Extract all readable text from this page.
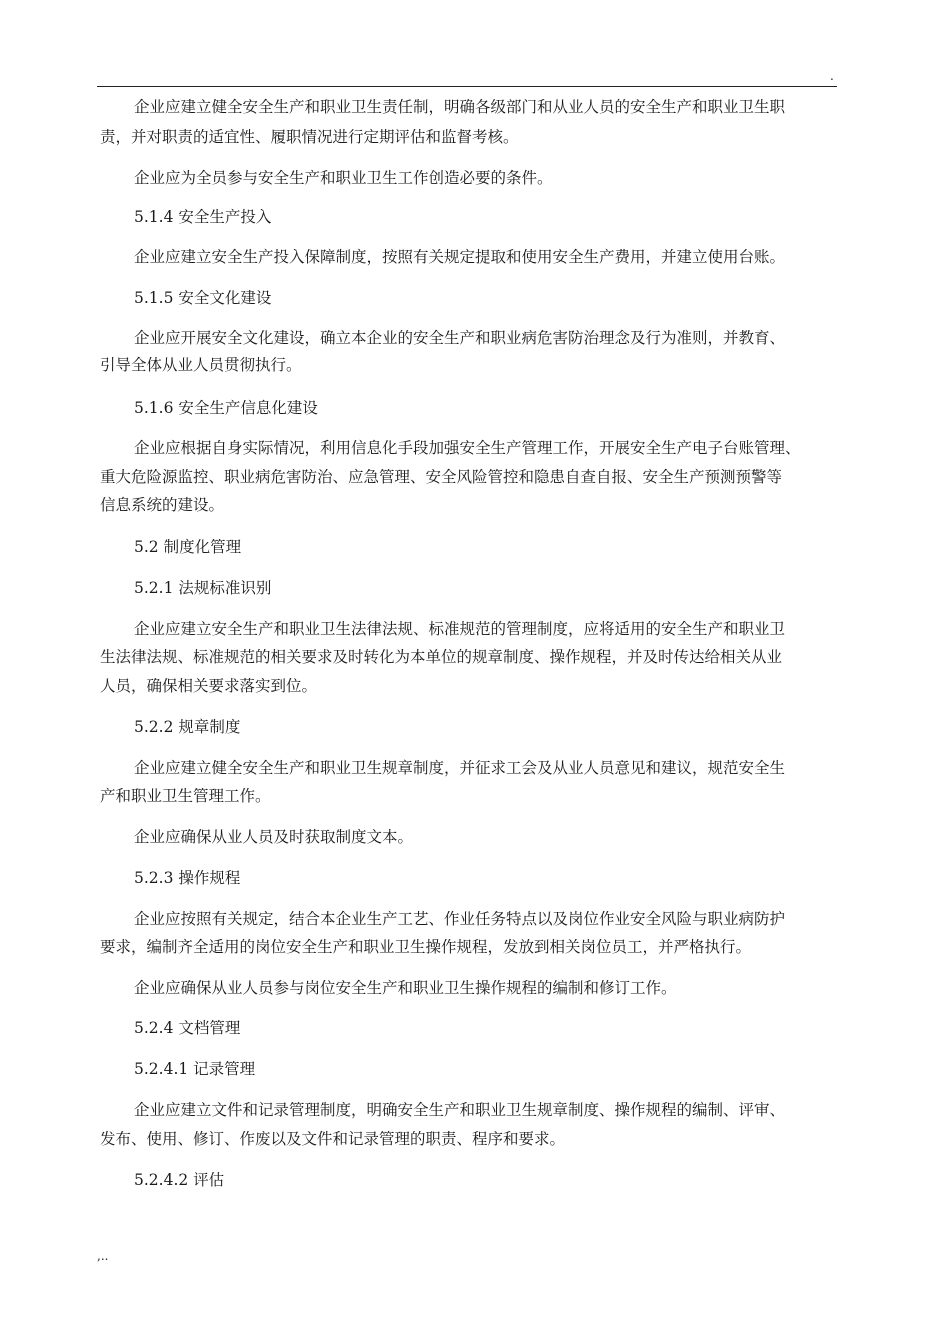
.
企业应建立健全安全生产和职业卫生责任制，明确各级部门和从业人员的安全生产和职业卫生职
责，并对职责的适宜性、履职情况进行定期评估和监督考核。
企业应为全员参与安全生产和职业卫生工作创造必要的条件。
5.1.4 安全生产投入
企业应建立安全生产投入保障制度，按照有关规定提取和使用安全生产费用，并建立使用台账。
5.1.5 安全文化建设
企业应开展安全文化建设，确立本企业的安全生产和职业病危害防治理念及行为准则，并教育、
引导全体从业人员贯彻执行。
5.1.6 安全生产信息化建设
企业应根据自身实际情况，利用信息化手段加强安全生产管理工作，开展安全生产电子台账管理、
重大危险源监控、职业病危害防治、应急管理、安全风险管控和隐患自查自报、安全生产预测预警等
信息系统的建设。
5.2 制度化管理
5.2.1 法规标准识别
企业应建立安全生产和职业卫生法律法规、标准规范的管理制度，应将适用的安全生产和职业卫
生法律法规、标准规范的相关要求及时转化为本单位的规章制度、操作规程，并及时传达给相关从业
人员，确保相关要求落实到位。
5.2.2 规章制度
企业应建立健全安全生产和职业卫生规章制度，并征求工会及从业人员意见和建议，规范安全生
产和职业卫生管理工作。
企业应确保从业人员及时获取制度文本。
5.2.3 操作规程
企业应按照有关规定，结合本企业生产工艺、作业任务特点以及岗位作业安全风险与职业病防护
要求，编制齐全适用的岗位安全生产和职业卫生操作规程，发放到相关岗位员工，并严格执行。
企业应确保从业人员参与岗位安全生产和职业卫生操作规程的编制和修订工作。
5.2.4 文档管理
5.2.4.1 记录管理
企业应建立文件和记录管理制度，明确安全生产和职业卫生规章制度、操作规程的编制、评审、
发布、使用、修订、作废以及文件和记录管理的职责、程序和要求。
5.2.4.2 评估
,..
